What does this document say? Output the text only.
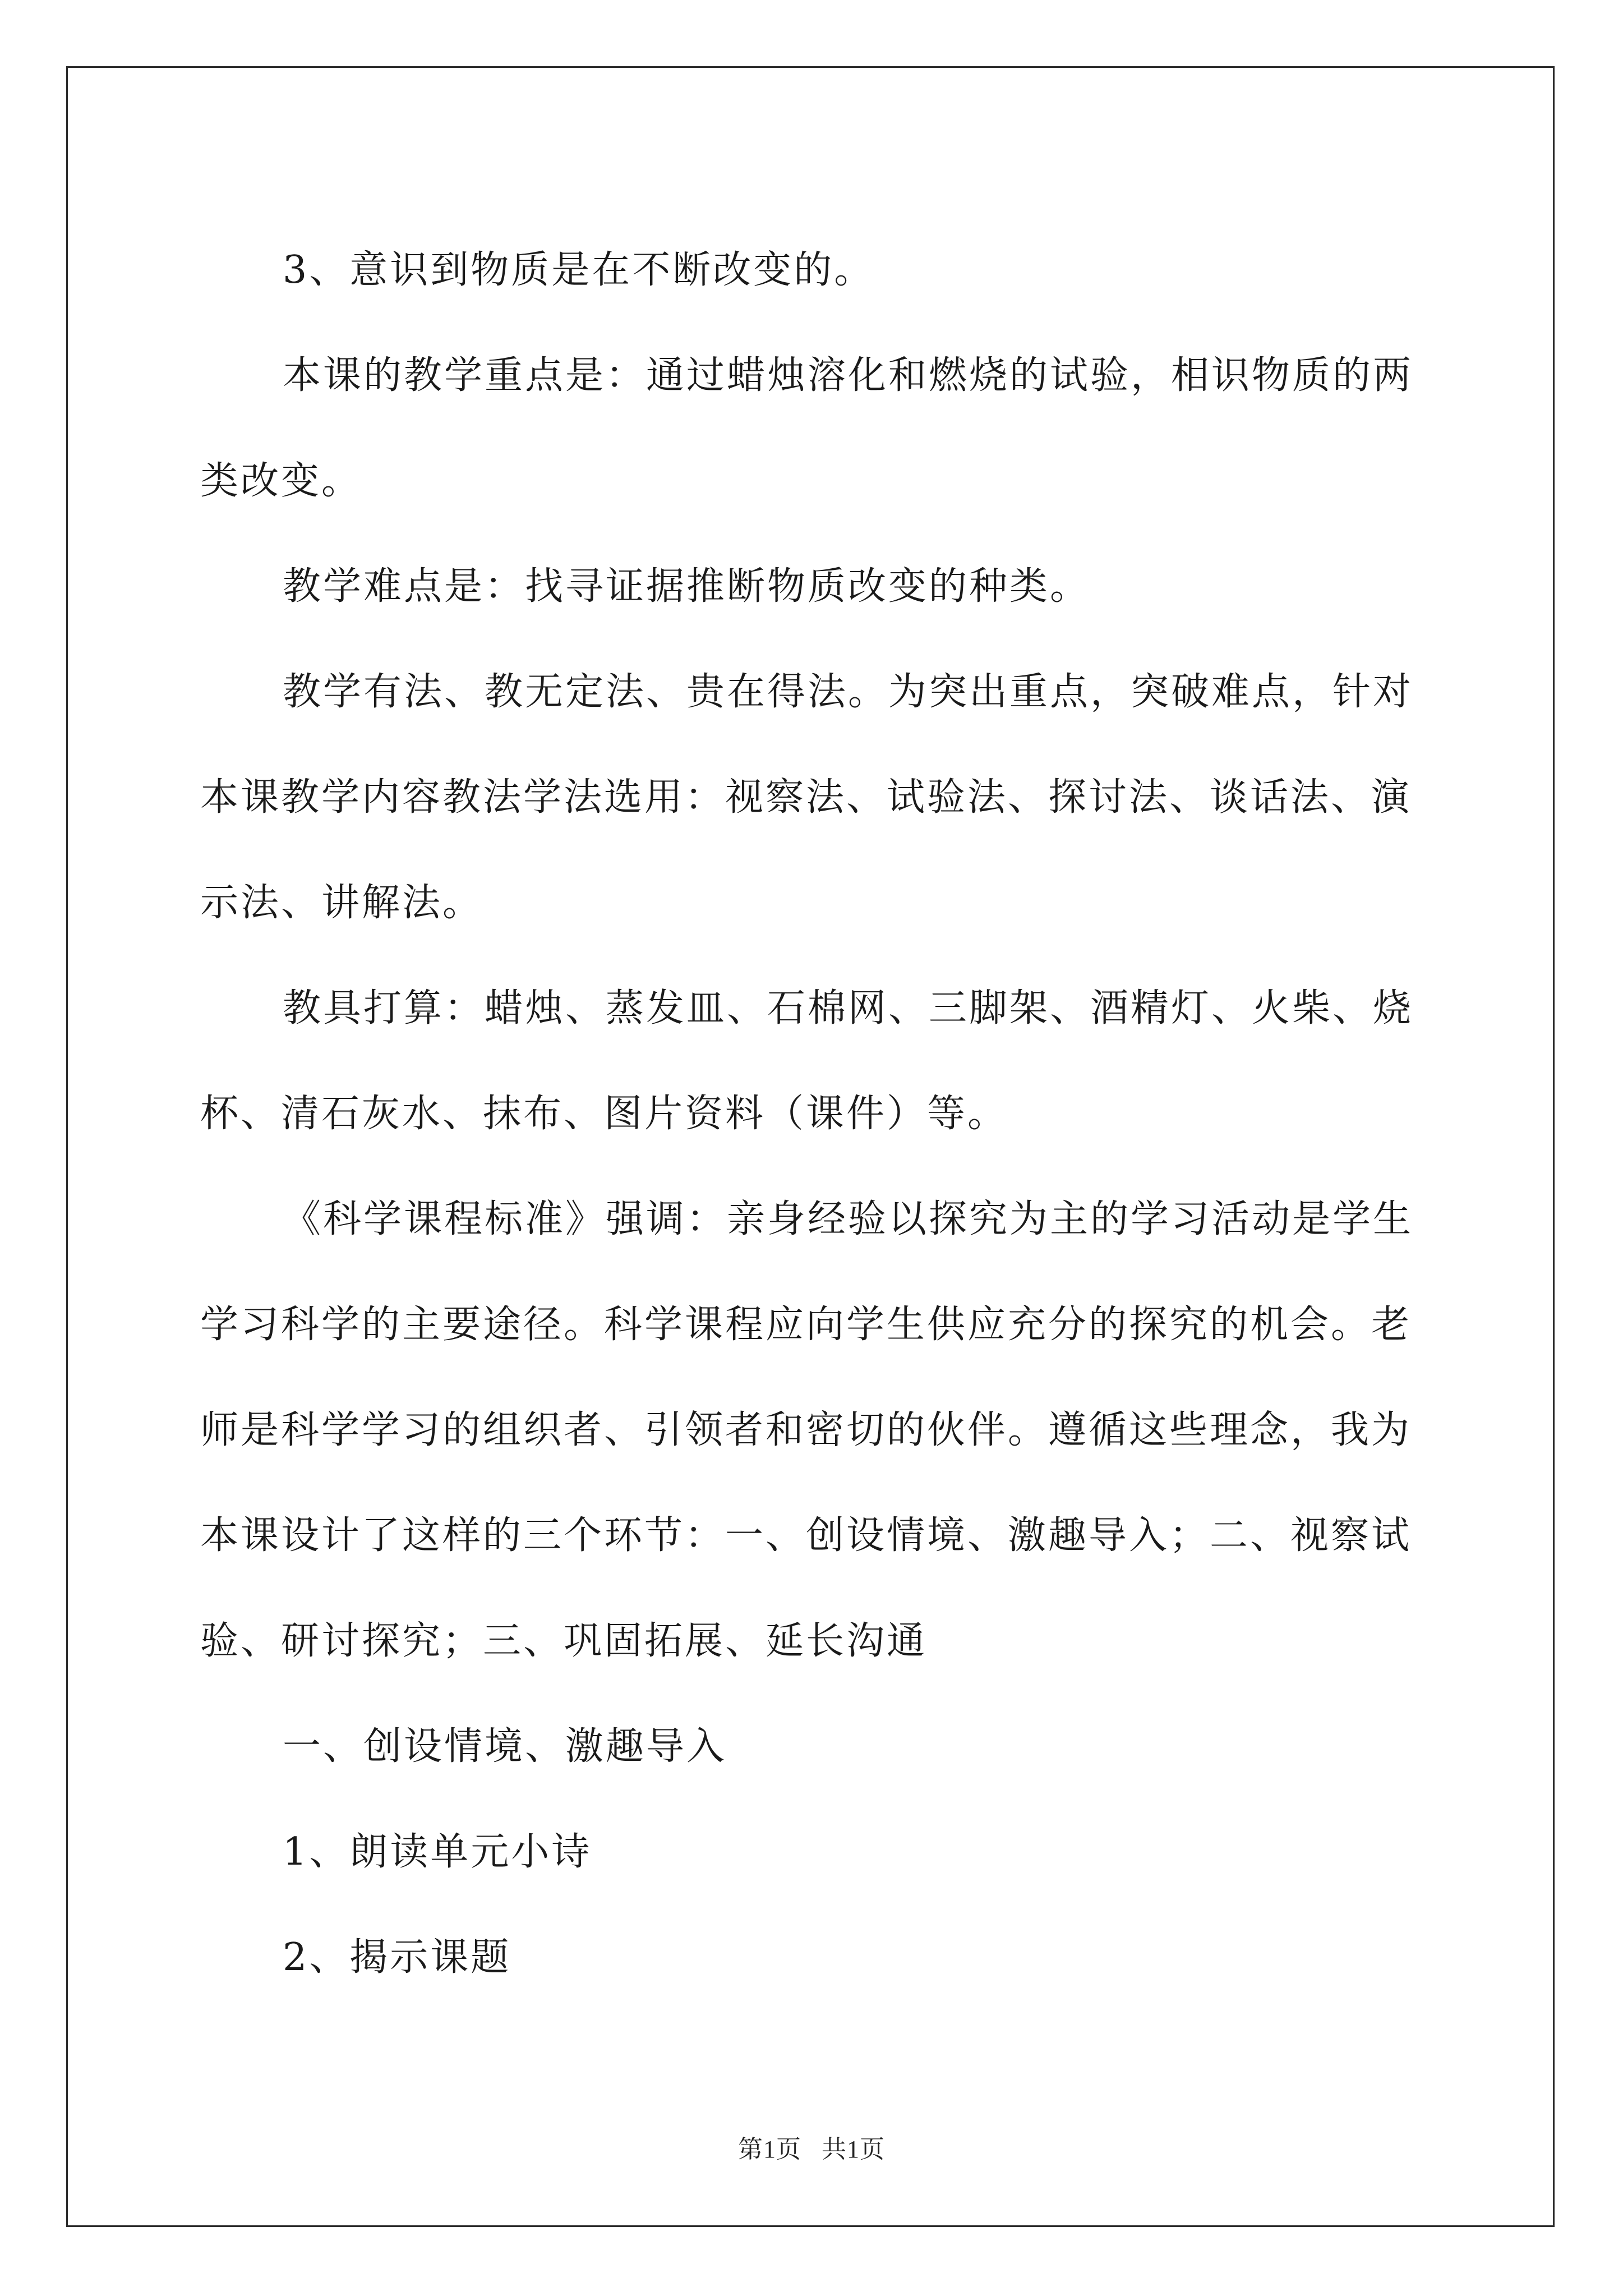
3、意识到物质是在不断改变的。

本课的教学重点是：通过蜡烛溶化和燃烧的试验，相识物质的两类改变。

教学难点是：找寻证据推断物质改变的种类。

教学有法、教无定法、贵在得法。为突出重点，突破难点，针对本课教学内容教法学法选用：视察法、试验法、探讨法、谈话法、演示法、讲解法。

教具打算：蜡烛、蒸发皿、石棉网、三脚架、酒精灯、火柴、烧杯、清石灰水、抹布、图片资料（课件）等。

《科学课程标准》强调：亲身经验以探究为主的学习活动是学生学习科学的主要途径。科学课程应向学生供应充分的探究的机会。老师是科学学习的组织者、引领者和密切的伙伴。遵循这些理念，我为本课设计了这样的三个环节：一、创设情境、激趣导入；二、视察试验、研讨探究；三、巩固拓展、延长沟通

一、创设情境、激趣导入

1、朗读单元小诗

2、揭示课题

第1页 共1页
